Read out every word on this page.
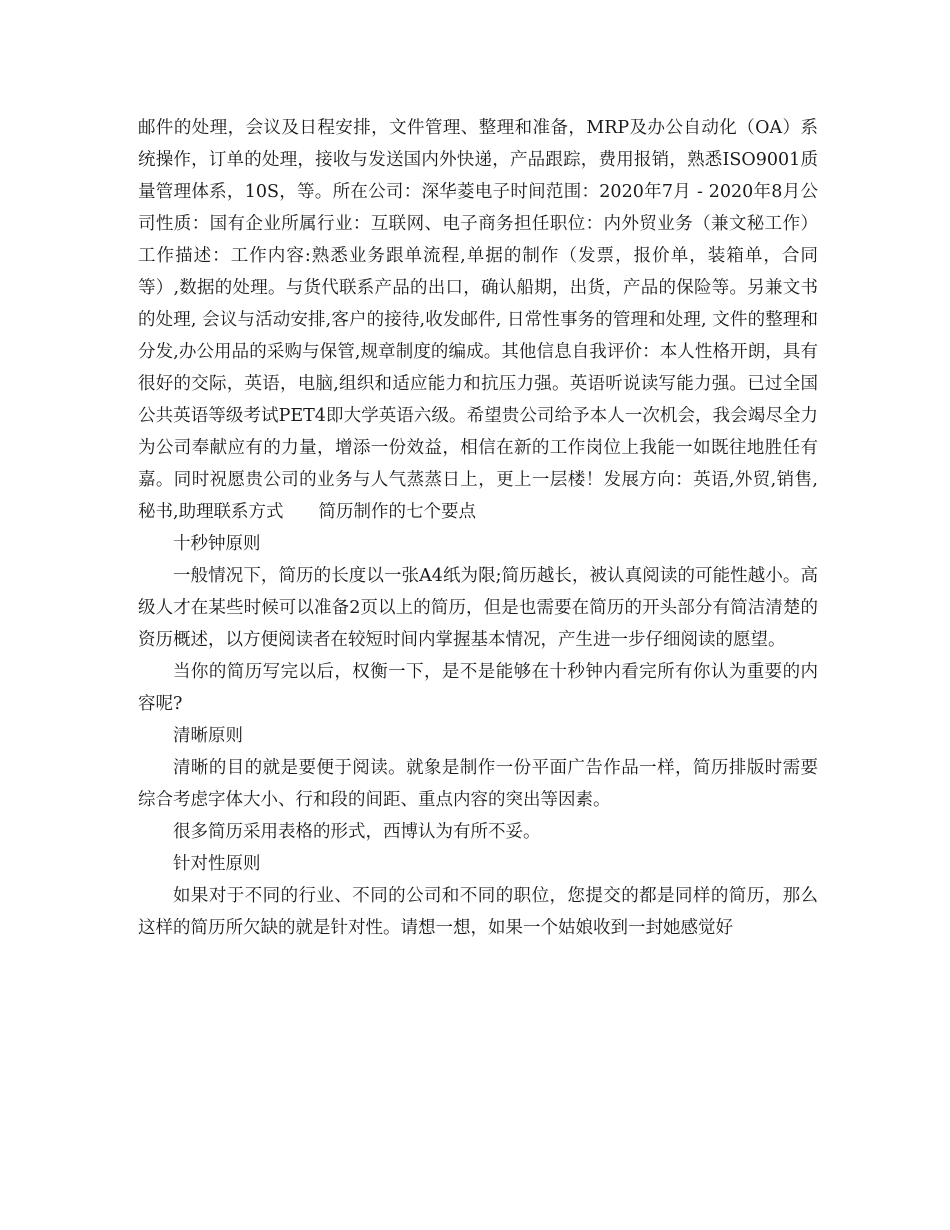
邮件的处理，会议及日程安排，文件管理、整理和准备，MRP及办公自动化（OA）系统操作，订单的处理，接收与发送国内外快递，产品跟踪，费用报销，熟悉ISO9001质量管理体系，10S，等。所在公司：深华菱电子时间范围：2020年7月 - 2020年8月公司性质：国有企业所属行业：互联网、电子商务担任职位：内外贸业务（兼文秘工作）工作描述：工作内容:熟悉业务跟单流程,单据的制作（发票，报价单，装箱单，合同等）,数据的处理。与货代联系产品的出口，确认船期，出货，产品的保险等。另兼文书的处理, 会议与活动安排,客户的接待,收发邮件, 日常性事务的管理和处理, 文件的整理和分发,办公用品的采购与保管,规章制度的编成。其他信息自我评价：本人性格开朗，具有很好的交际，英语，电脑,组织和适应能力和抗压力强。英语听说读写能力强。已过全国公共英语等级考试PET4即大学英语六级。希望贵公司给予本人一次机会，我会竭尽全力为公司奉献应有的力量，增添一份效益，相信在新的工作岗位上我能一如既往地胜任有嘉。同时祝愿贵公司的业务与人气蒸蒸日上，更上一层楼！发展方向：英语,外贸,销售,秘书,助理联系方式　　简历制作的七个要点

十秒钟原则

一般情况下，简历的长度以一张A4纸为限;简历越长，被认真阅读的可能性越小。高级人才在某些时候可以准备2页以上的简历，但是也需要在简历的开头部分有简洁清楚的资历概述，以方便阅读者在较短时间内掌握基本情况，产生进一步仔细阅读的愿望。

当你的简历写完以后，权衡一下，是不是能够在十秒钟内看完所有你认为重要的内容呢?

清晰原则

清晰的目的就是要便于阅读。就象是制作一份平面广告作品一样，简历排版时需要综合考虑字体大小、行和段的间距、重点内容的突出等因素。

很多简历采用表格的形式，西博认为有所不妥。

针对性原则

如果对于不同的行业、不同的公司和不同的职位，您提交的都是同样的简历，那么这样的简历所欠缺的就是针对性。请想一想，如果一个姑娘收到一封她感觉好
